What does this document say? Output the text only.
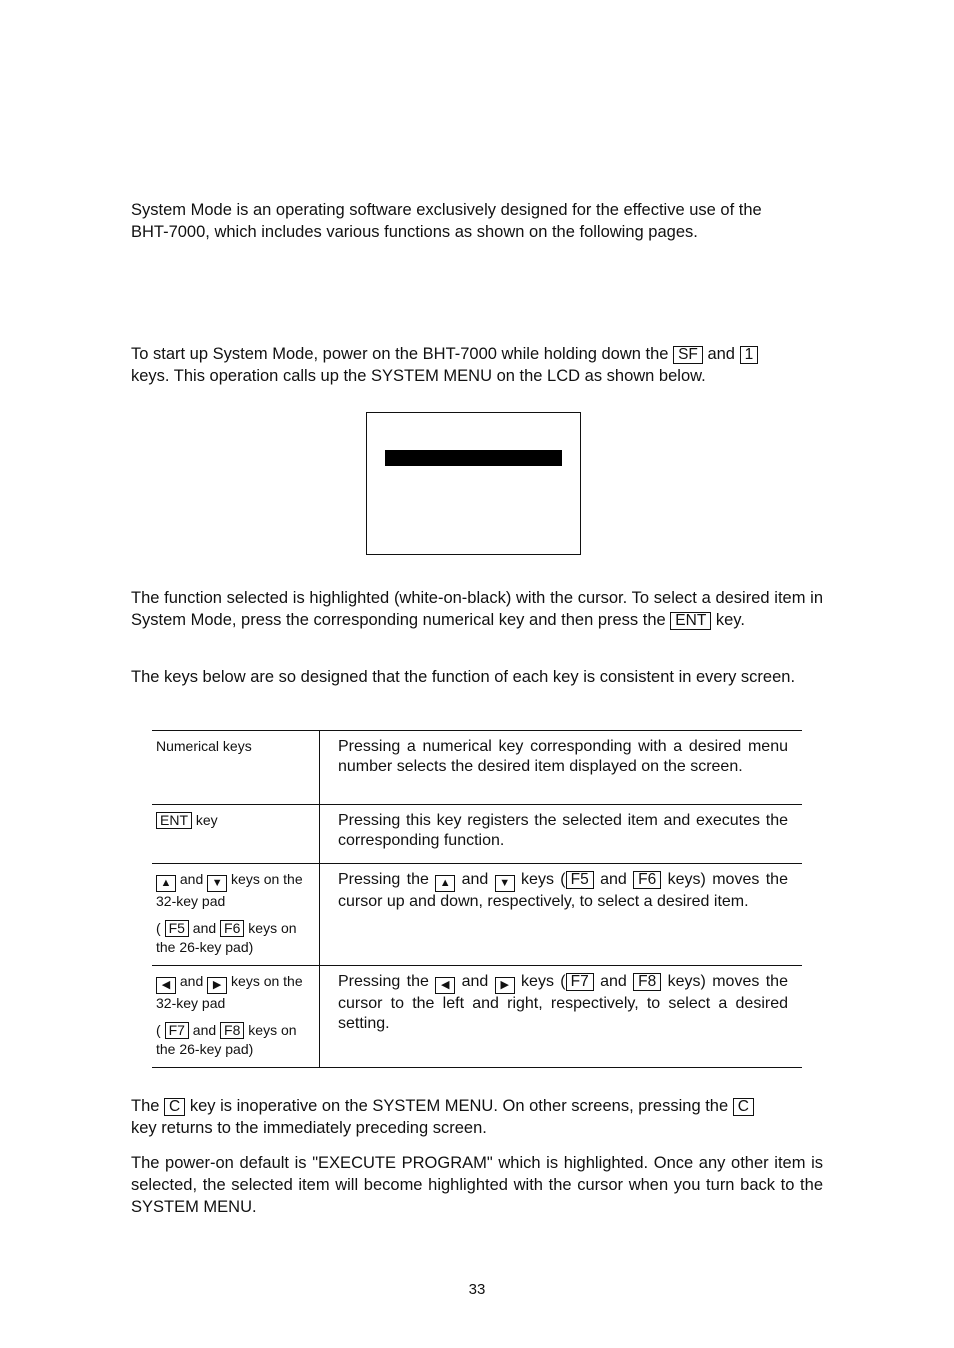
System Mode is an operating software exclusively designed for the effective use of the
BHT-7000, which includes various functions as shown on the following pages.

To start up System Mode, power on the BHT-7000 while holding down the SF and 1
keys. This operation calls up the SYSTEM MENU on the LCD as shown below.

The function selected is highlighted (white-on-black) with the cursor. To select a desired item in System Mode, press the corresponding numerical key and then press the ENT key.

The keys below are so designed that the function of each key is consistent in every screen.

Numerical keys	Pressing a numerical key corresponding with a desired menu number selects the desired item displayed on the screen.
ENT key	Pressing this key registers the selected item and executes the corresponding function.
▲ and ▼ keys on the 32-key pad
( F5 and F6 keys on the 26-key pad)	Pressing the ▲ and ▼ keys ( F5 and F6 keys) moves the cursor up and down, respectively, to select a desired item.
◀ and ▶ keys on the 32-key pad
( F7 and F8 keys on the 26-key pad)	Pressing the ◀ and ▶ keys ( F7 and F8 keys) moves the cursor to the left and right, respectively, to select a desired setting.

The C key is inoperative on the SYSTEM MENU. On other screens, pressing the C
key returns to the immediately preceding screen.

The power-on default is "EXECUTE PROGRAM" which is highlighted. Once any other item is selected, the selected item will become highlighted with the cursor when you turn back to the SYSTEM MENU.

33
